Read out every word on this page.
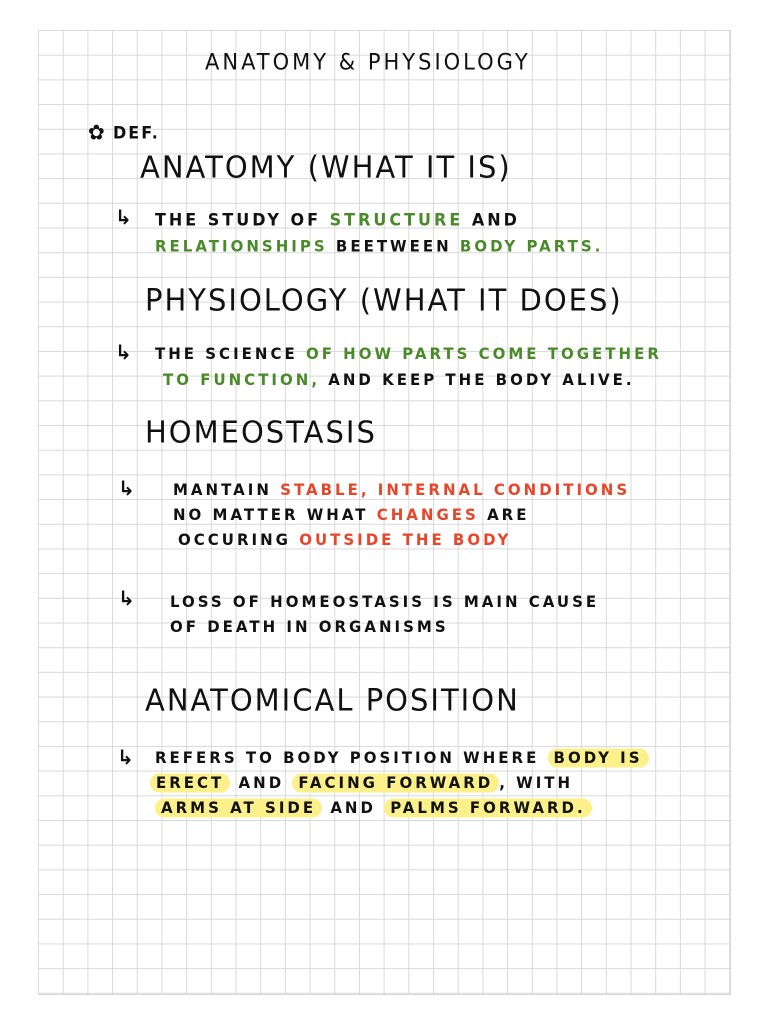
ANATOMY & PHYSIOLOGY
✿ DEF.
ANATOMY (WHAT IT IS)
↳ THE STUDY OF STRUCTURE AND
RELATIONSHIPS BEETWEEN BODY PARTS.
PHYSIOLOGY (WHAT IT DOES)
↳ THE SCIENCE OF HOW PARTS COME TOGETHER
TO FUNCTION, AND KEEP THE BODY ALIVE.
HOMEOSTASIS
↳	MANTAIN STABLE, INTERNAL CONDITIONS
NO MATTER WHAT CHANGES ARE
OCCURING OUTSIDE THE BODY
↳ LOSS OF HOMEOSTASIS IS MAIN CAUSE
OF DEATH IN ORGANISMS
ANATOMICAL POSITION
↳ REFERS TO BODY POSITION WHERE BODY IS
ERECT AND FACING FORWARD , WITH
ARMS AT SIDE AND PALMS FORWARD.
